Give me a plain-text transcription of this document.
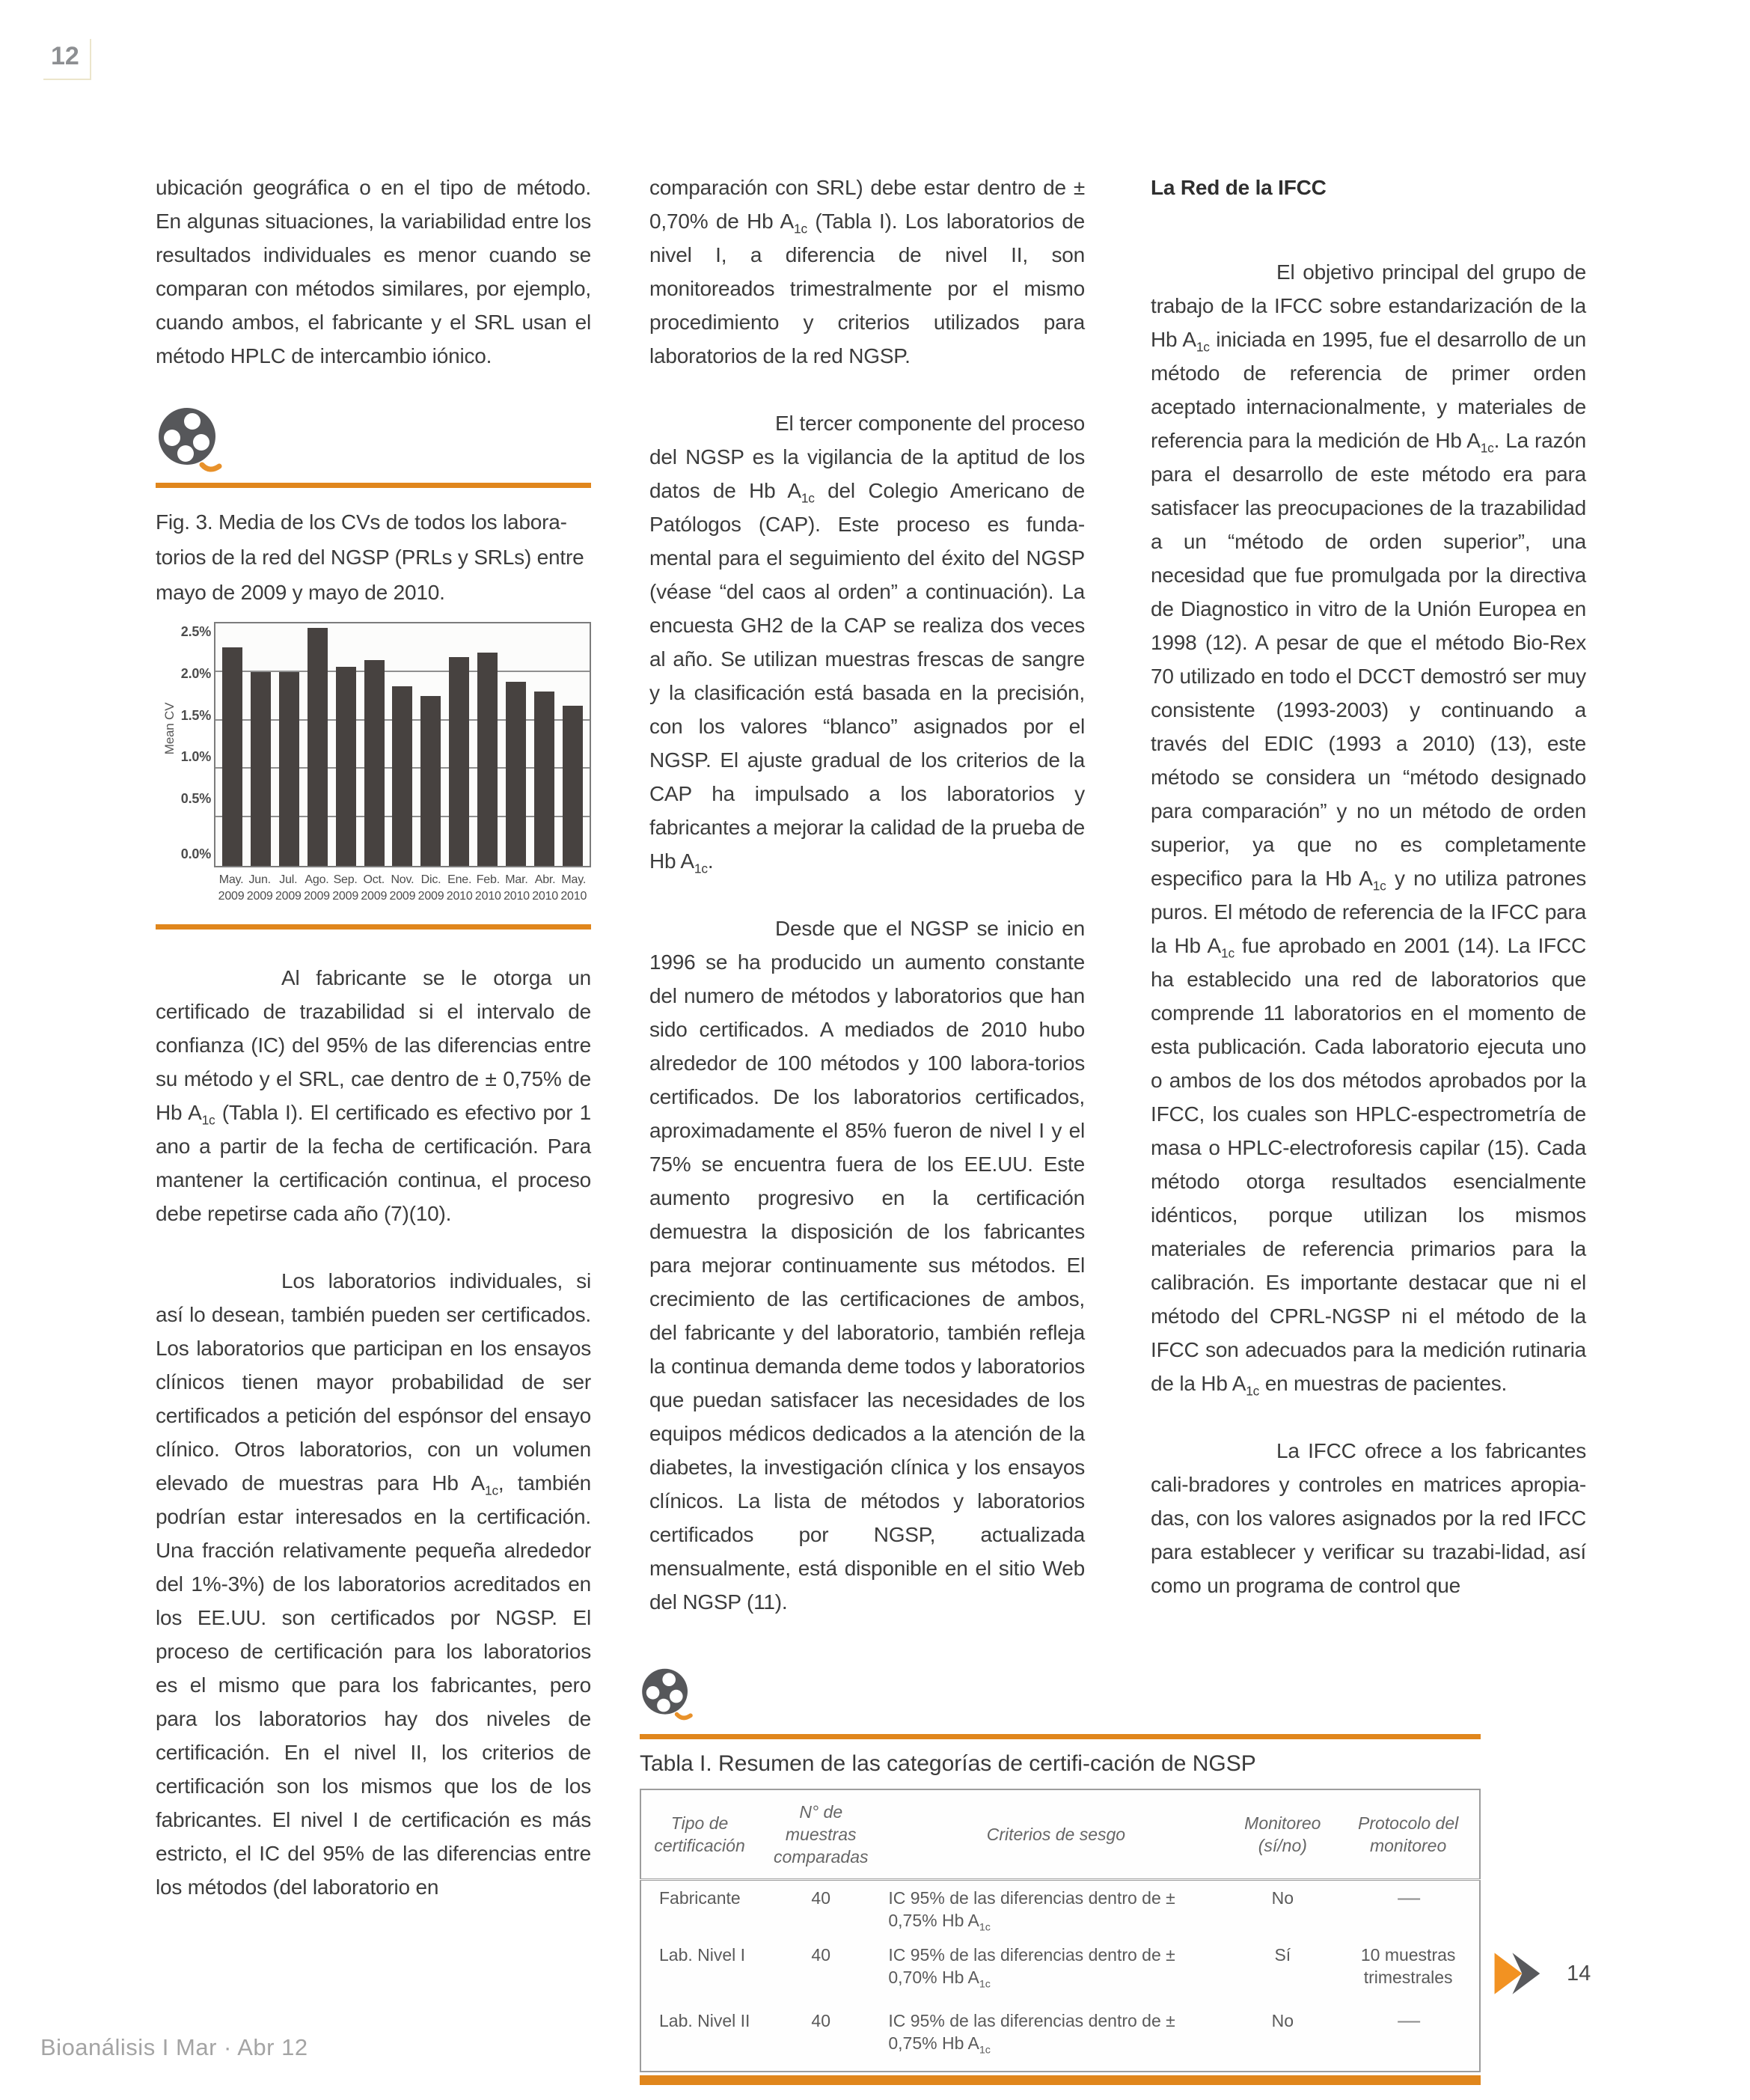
12

ubicación geográfica o en el tipo de método. En algunas situaciones, la variabilidad entre los resultados individuales es menor cuando se comparan con métodos similares, por ejemplo, cuando ambos, el fabricante y el SRL usan el método HPLC de intercambio iónico.

Fig. 3. Media de los CVs de todos los labora-
torios de la red del NGSP (PRLs y SRLs) entre
mayo de 2009 y mayo de 2010.
Mean CV
2.5%
2.0%
1.5%
1.0%
0.5%
0.0%
May.
2009
Jun.
2009
Jul.
2009
Ago.
2009
Sep.
2009
Oct.
2009
Nov.
2009
Dic.
2009
Ene.
2010
Feb.
2010
Mar.
2010
Abr.
2010
May.
2010

Al fabricante se le otorga un certificado de trazabilidad si el intervalo de confianza (IC) del 95% de las diferencias entre su método y el SRL, cae dentro de ± 0,75% de Hb $A_{1c}$ (Tabla I). El certificado es efectivo por 1 ano a partir de la fecha de certificación. Para mantener la certificación continua, el proceso debe repetirse cada año (7)(10).

Los laboratorios individuales, si así lo desean, también pueden ser certificados. Los laboratorios que participan en los ensayos clínicos tienen mayor probabilidad de ser certificados a petición del espónsor del ensayo clínico. Otros laboratorios, con un volumen elevado de muestras para Hb $A_{1c}$, también podrían estar interesados en la certificación. Una fracción relativamente pequeña alrededor del 1%-3%) de los laboratorios acreditados en los EE.UU. son certificados por NGSP. El proceso de certificación para los laboratorios es el mismo que para los fabricantes, pero para los laboratorios hay dos niveles de certificación. En el nivel II, los criterios de certificación son los mismos que los de los fabricantes. El nivel I de certificación es más estricto, el IC del 95% de las diferencias entre los métodos (del laboratorio en

comparación con SRL) debe estar dentro de ± 0,70% de Hb $A_{1c}$ (Tabla I). Los laboratorios de nivel I, a diferencia de nivel II, son monitoreados trimestralmente por el mismo procedimiento y criterios utilizados para laboratorios de la red NGSP.

El tercer componente del proceso del NGSP es la vigilancia de la aptitud de los datos de Hb $A_{1c}$ del Colegio Americano de Patólogos (CAP). Este proceso es funda-mental para el seguimiento del éxito del NGSP (véase “del caos al orden” a continuación). La encuesta GH2 de la CAP se realiza dos veces al año. Se utilizan muestras frescas de sangre y la clasificación está basada en la precisión, con los valores “blanco” asignados por el NGSP. El ajuste gradual de los criterios de la CAP ha impulsado a los laboratorios y fabricantes a mejorar la calidad de la prueba de Hb $A_{1c}$.

Desde que el NGSP se inicio en 1996 se ha producido un aumento constante del numero de métodos y laboratorios que han sido certificados. A mediados de 2010 hubo alrededor de 100 métodos y 100 labora-torios certificados. De los laboratorios certificados, aproximadamente el 85% fueron de nivel I y el 75% se encuentra fuera de los EE.UU. Este aumento progresivo en la certificación demuestra la disposición de los fabricantes para mejorar continuamente sus métodos. El crecimiento de las certificaciones de ambos, del fabricante y del laboratorio, también refleja la continua demanda deme todos y laboratorios que puedan satisfacer las necesidades de los equipos médicos dedicados a la atención de la diabetes, la investigación clínica y los ensayos clínicos. La lista de métodos y laboratorios certificados por NGSP, actualizada mensualmente, está disponible en el sitio Web del NGSP (11).

La Red de la IFCC

El objetivo principal del grupo de trabajo de la IFCC sobre estandarización de la Hb $A_{1c}$ iniciada en 1995, fue el desarrollo de un método de referencia de primer orden aceptado internacionalmente, y materiales de referencia para la medición de Hb $A_{1c}$. La razón para el desarrollo de este método era para satisfacer las preocupaciones de la trazabilidad a un “método de orden superior”, una necesidad que fue promulgada por la directiva de Diagnostico in vitro de la Unión Europea en 1998 (12). A pesar de que el método Bio-Rex 70 utilizado en todo el DCCT demostró ser muy consistente (1993-2003) y continuando a través del EDIC (1993 a 2010) (13), este método se considera un “método designado para comparación” y no un método de orden superior, ya que no es completamente especifico para la Hb $A_{1c}$ y no utiliza patrones puros. El método de referencia de la IFCC para la Hb $A_{1c}$ fue aprobado en 2001 (14). La IFCC ha establecido una red de laboratorios que comprende 11 laboratorios en el momento de esta publicación. Cada laboratorio ejecuta uno o ambos de los dos métodos aprobados por la IFCC, los cuales son HPLC-espectrometría de masa o HPLC-electroforesis capilar (15). Cada método otorga resultados esencialmente idénticos, porque utilizan los mismos materiales de referencia primarios para la calibración. Es importante destacar que ni el método del CPRL-NGSP ni el método de la IFCC son adecuados para la medición rutinaria de la Hb $A_{1c}$ en muestras de pacientes.

La IFCC ofrece a los fabricantes cali-bradores y controles en matrices apropia-das, con los valores asignados por la red IFCC para establecer y verificar su trazabi-lidad, así como un programa de control que

Tabla I. Resumen de las categorías de certifi-cación de NGSP
Tipo de certificación	N° de muestras comparadas	Criterios de sesgo	Monitoreo (sí/no)	Protocolo del monitoreo
Fabricante	40	IC 95% de las diferencias dentro de ± 0,75% Hb $A_{1c}$	No	—
Lab. Nivel I	40	IC 95% de las diferencias dentro de ± 0,70% Hb $A_{1c}$	Sí	10 muestras trimestrales
Lab. Nivel II	40	IC 95% de las diferencias dentro de ± 0,75% Hb $A_{1c}$	No	—
14
Bioanálisis I Mar · Abr 12
